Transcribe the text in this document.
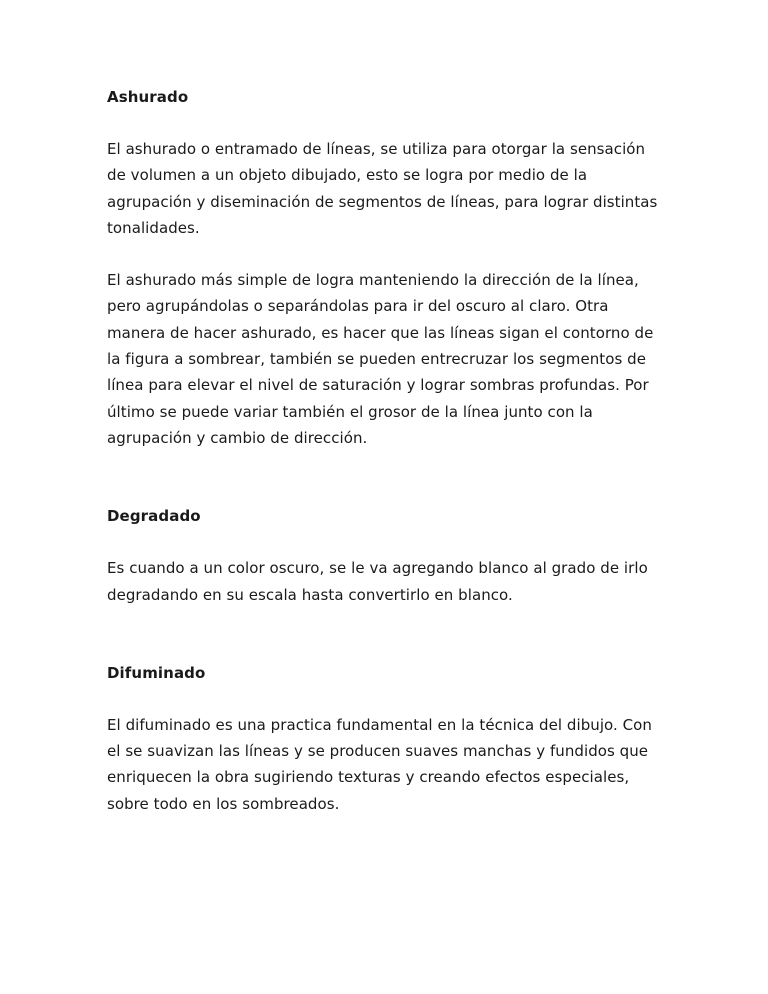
Ashurado

El ashurado o entramado de líneas, se utiliza para otorgar la sensación de volumen a un objeto dibujado, esto se logra por medio de la agrupación y diseminación de segmentos de líneas, para lograr distintas tonalidades.

El ashurado más simple de logra manteniendo la dirección de la línea, pero agrupándolas o separándolas para ir del oscuro al claro. Otra manera de hacer ashurado, es hacer que las líneas sigan el contorno de la figura a sombrear, también se pueden entrecruzar los segmentos de línea para elevar el nivel de saturación y lograr sombras profundas. Por último se puede variar también el grosor de la línea junto con la agrupación y cambio de dirección.

Degradado

Es cuando a un color oscuro, se le va agregando blanco al grado de irlo degradando en su escala hasta convertirlo en blanco.

Difuminado

El difuminado es una practica fundamental en la técnica del dibujo. Con el se suavizan las líneas y se producen suaves manchas y fundidos que enriquecen la obra sugiriendo texturas y creando efectos especiales, sobre todo en los sombreados.
